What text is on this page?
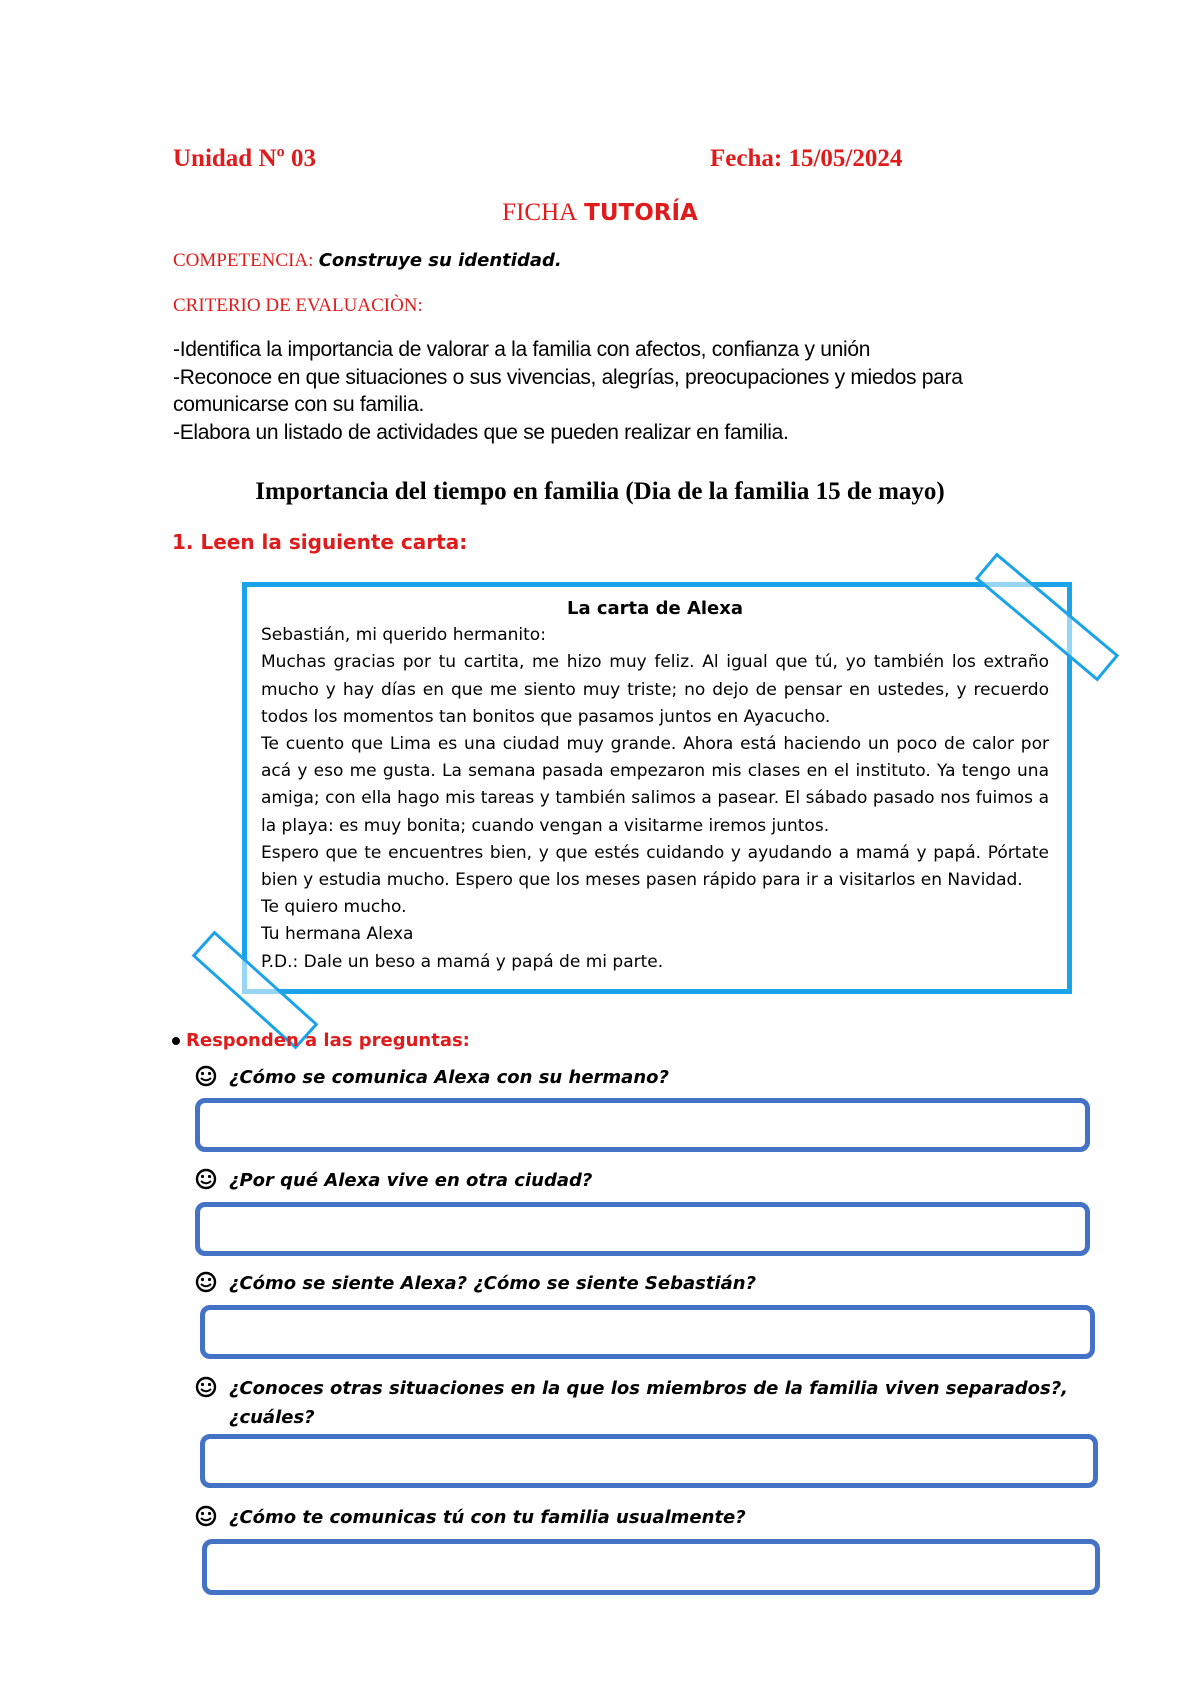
Unidad Nº 03	Fecha: 15/05/2024
FICHA TUTORÍA
COMPETENCIA: Construye su identidad.
CRITERIO DE EVALUACIÒN:
-Identifica la importancia de valorar a la familia con afectos, confianza y unión
-Reconoce en que situaciones o sus vivencias, alegrías, preocupaciones y miedos para
comunicarse con su familia.
-Elabora un listado de actividades que se pueden realizar en familia.
Importancia del tiempo en familia (Dia de la familia 15 de mayo)
1. Leen la siguiente carta:
La carta de Alexa

Sebastián, mi querido hermanito:

Muchas gracias por tu cartita, me hizo muy feliz. Al igual que tú, yo también los extraño mucho y hay días en que me siento muy triste; no dejo de pensar en ustedes, y recuerdo todos los momentos tan bonitos que pasamos juntos en Ayacucho.

Te cuento que Lima es una ciudad muy grande. Ahora está haciendo un poco de calor por acá y eso me gusta. La semana pasada empezaron mis clases en el instituto. Ya tengo una amiga; con ella hago mis tareas y también salimos a pasear. El sábado pasado nos fuimos a la playa: es muy bonita; cuando vengan a visitarme iremos juntos.

Espero que te encuentres bien, y que estés cuidando y ayudando a mamá y papá. Pórtate bien y estudia mucho. Espero que los meses pasen rápido para ir a visitarlos en Navidad.

Te quiero mucho.

Tu hermana Alexa

P.D.: Dale un beso a mamá y papá de mi parte.

Responden a las preguntas:
¿Cómo se comunica Alexa con su hermano?
¿Por qué Alexa vive en otra ciudad?
¿Cómo se siente Alexa? ¿Cómo se siente Sebastián?
¿Conoces otras situaciones en la que los miembros de la familia viven separados?, ¿cuáles?
¿Cómo te comunicas tú con tu familia usualmente?
